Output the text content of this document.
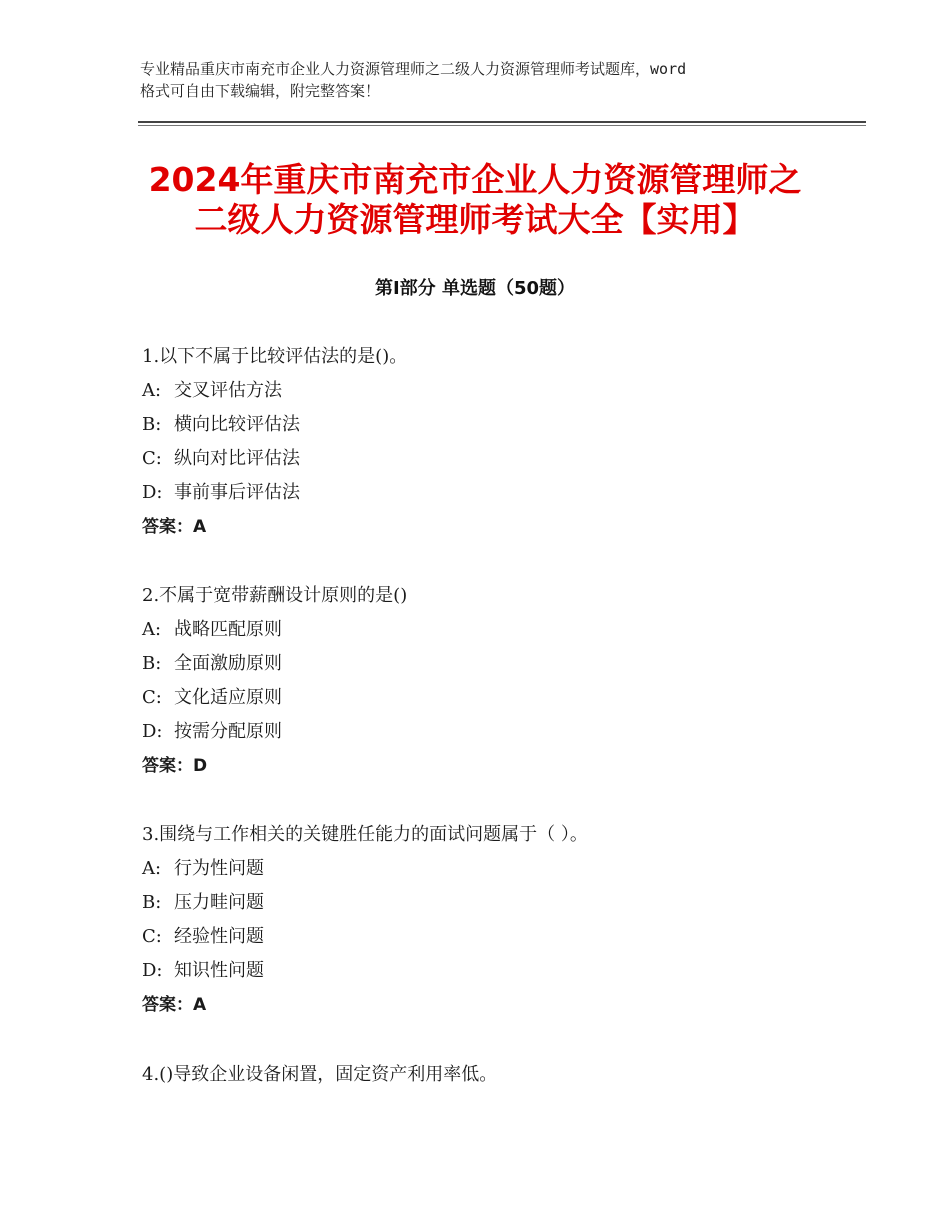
专业精品重庆市南充市企业人力资源管理师之二级人力资源管理师考试题库，word
格式可自由下载编辑，附完整答案！
2024年重庆市南充市企业人力资源管理师之
二级人力资源管理师考试大全【实用】
第Ⅰ部分 单选题（50题）
1.以下不属于比较评估法的是()。
A: 交叉评估方法
B: 横向比较评估法
C: 纵向对比评估法
D: 事前事后评估法
答案：A
2.不属于宽带薪酬设计原则的是()
A: 战略匹配原则
B: 全面激励原则
C: 文化适应原则
D: 按需分配原则
答案：D
3.围绕与工作相关的关键胜任能力的面试问题属于（ ）。
A: 行为性问题
B: 压力畦问题
C: 经验性问题
D: 知识性问题
答案：A
4.()导致企业设备闲置，固定资产利用率低。
